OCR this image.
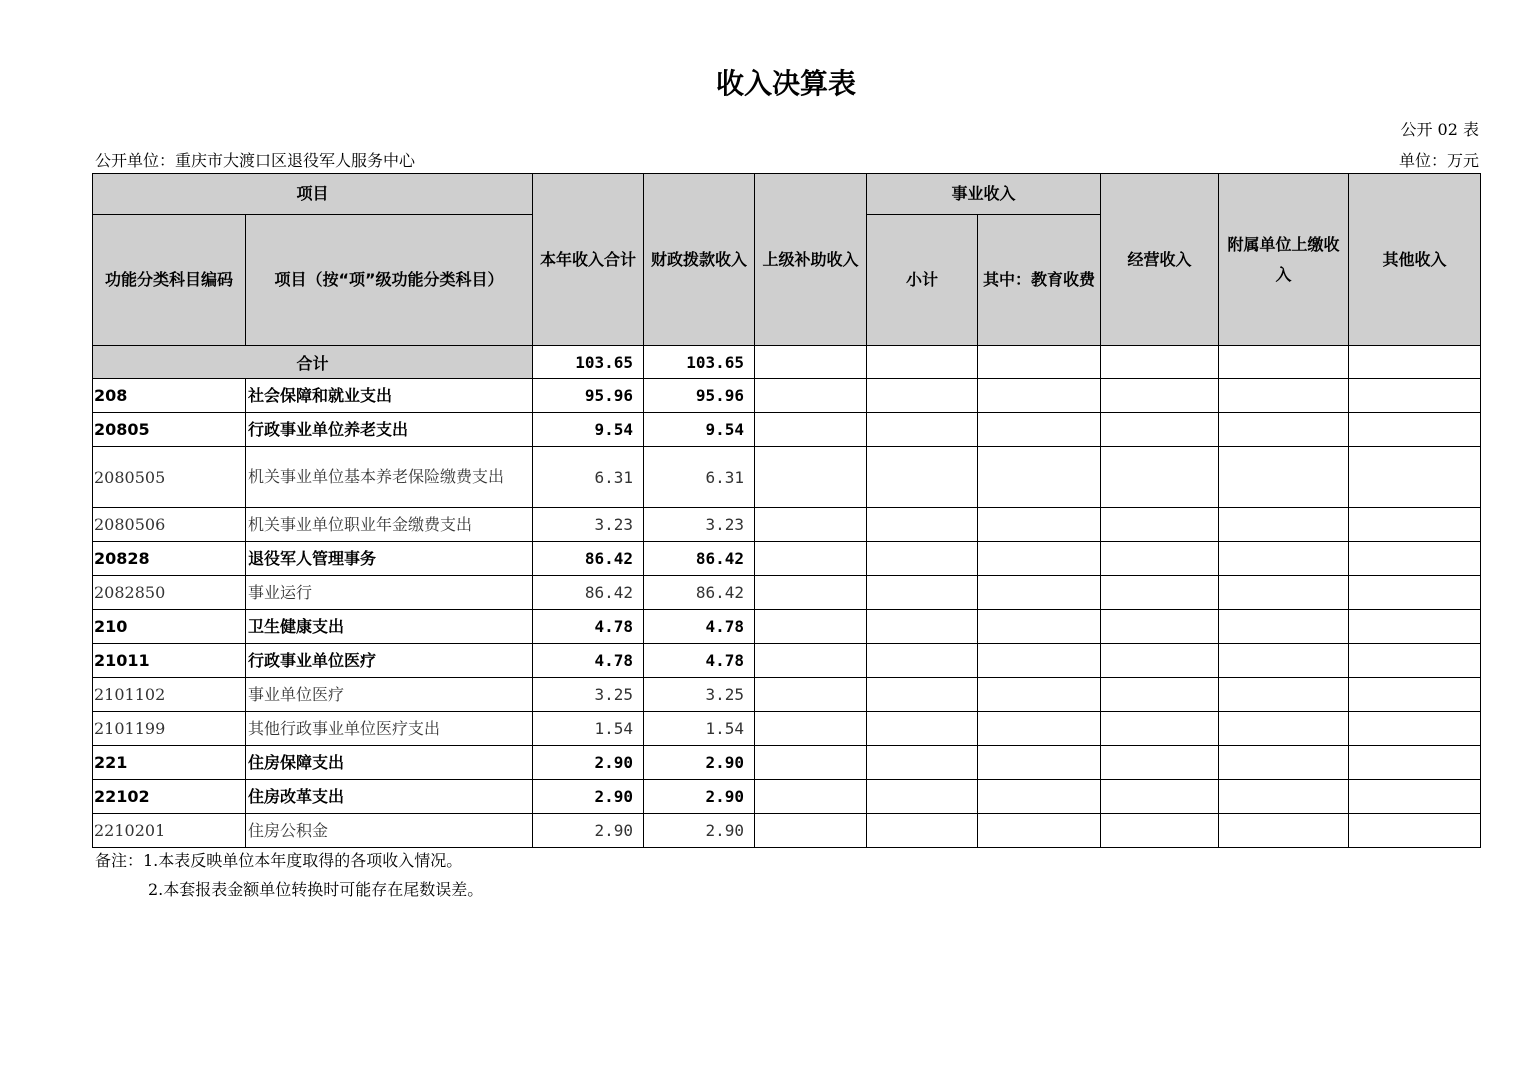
收入决算表
公开 02 表
公开单位：重庆市大渡口区退役军人服务中心	单位：万元
项目		本年收入合计	财政拨款收入	上级补助收入	事业收入		经营收入	附属单位上缴收入	其他收入
功能分类科目编码	项目（按“项”级功能分类科目）				小计	其中：教育收费			
合计		103.65	103.65						
208	社会保障和就业支出	95.96	95.96						
20805	行政事业单位养老支出	9.54	9.54						
2080505	机关事业单位基本养老保险缴费支出	6.31	6.31						
2080506	机关事业单位职业年金缴费支出	3.23	3.23						
20828	退役军人管理事务	86.42	86.42						
2082850	事业运行	86.42	86.42						
210	卫生健康支出	4.78	4.78						
21011	行政事业单位医疗	4.78	4.78						
2101102	事业单位医疗	3.25	3.25						
2101199	其他行政事业单位医疗支出	1.54	1.54						
221	住房保障支出	2.90	2.90						
22102	住房改革支出	2.90	2.90						
2210201	住房公积金	2.90	2.90						
备注：1.本表反映单位本年度取得的各项收入情况。
2.本套报表金额单位转换时可能存在尾数误差。
